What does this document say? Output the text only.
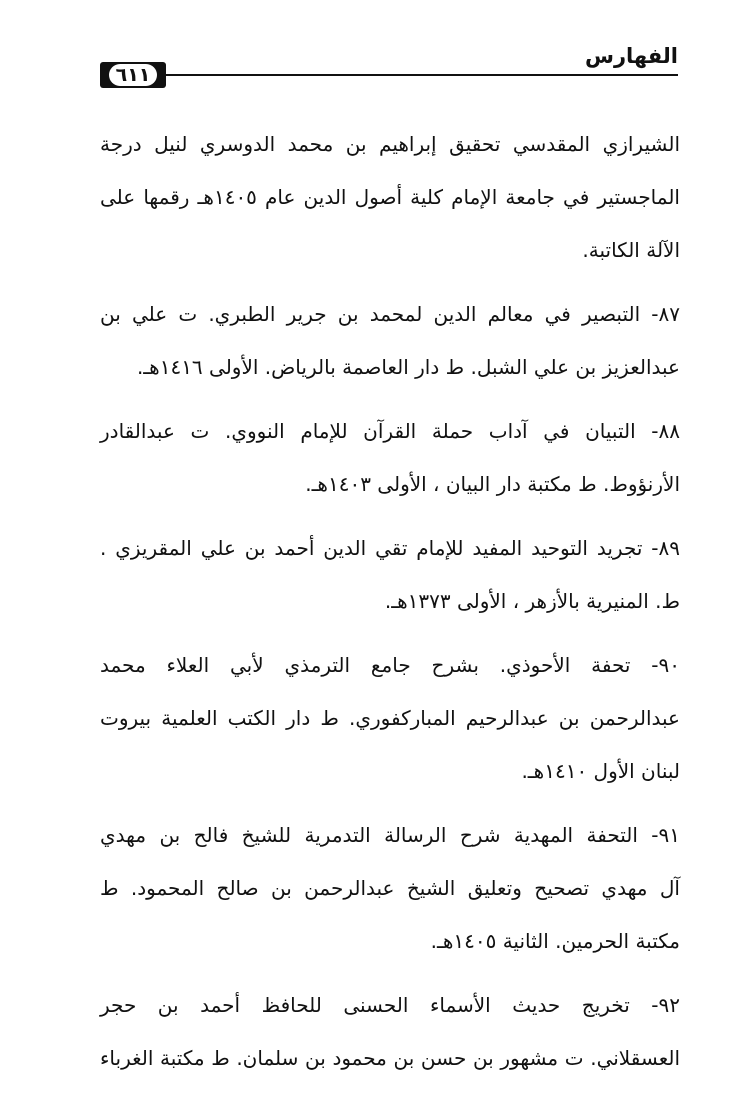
الفهارس
٦١١
الشيرازي المقدسي تحقيق إبراهيم بن محمد الدوسري لنيل درجة
الماجستير في جامعة الإمام كلية أصول الدين عام ١٤٠٥هـ رقمها على
الآلة الكاتبة.
٨٧- التبصير في معالم الدين لمحمد بن جرير الطبري. ت علي بن
عبدالعزيز بن علي الشبل. ط دار العاصمة بالرياض. الأولى ١٤١٦هـ.
٨٨- التبيان في آداب حملة القرآن للإمام النووي. ت عبدالقادر
الأرنؤوط. ط مكتبة دار البيان ، الأولى ١٤٠٣هـ.
٨٩- تجريد التوحيد المفيد للإمام تقي الدين أحمد بن علي المقريزي .
ط. المنيرية بالأزهر ، الأولى ١٣٧٣هـ.
٩٠- تحفة الأحوذي. بشرح جامع الترمذي لأبي العلاء محمد
عبدالرحمن بن عبدالرحيم المباركفوري. ط دار الكتب العلمية بيروت
لبنان الأول ١٤١٠هـ.
٩١- التحفة المهدية شرح الرسالة التدمرية للشيخ فالح بن مهدي
آل مهدي تصحيح وتعليق الشيخ عبدالرحمن بن صالح المحمود. ط
مكتبة الحرمين. الثانية ١٤٠٥هـ.
٩٢- تخريج حديث الأسماء الحسنى للحافظ أحمد بن حجر
العسقلاني. ت مشهور بن حسن بن محمود بن سلمان. ط مكتبة الغرباء
